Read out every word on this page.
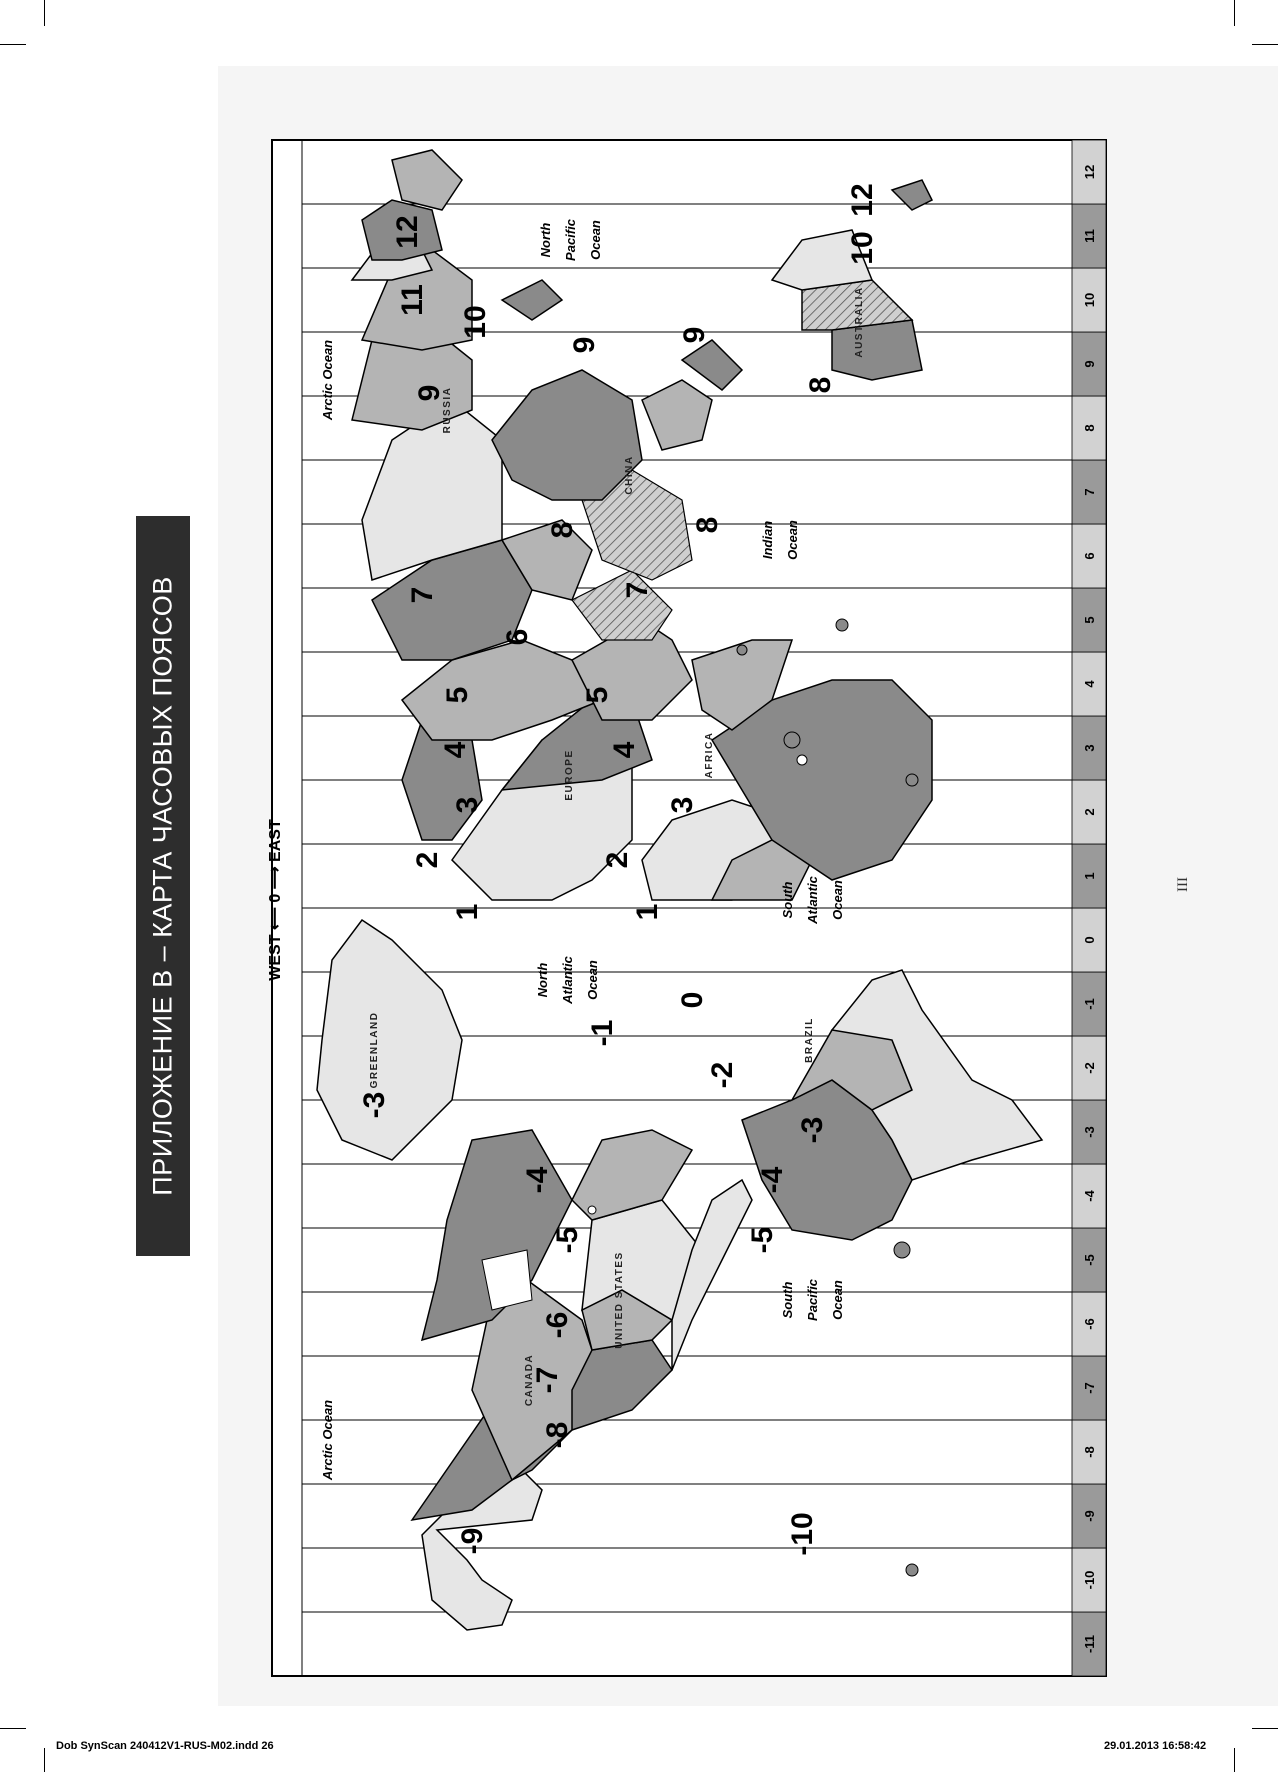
ПРИЛОЖЕНИЕ В – КАРТА ЧАСОВЫХ ПОЯСОВ	WEST ⟵ 0 ⟶ EAST
Arctic Ocean
Arctic Ocean
South Pacific Ocean
North Atlantic Ocean
South Atlantic Ocean
Indian Ocean
North Pacific Ocean
GREENLAND
CANADA
UNITED STATES
BRAZIL
EUROPE	AFRICA
RUSSIA
CHINA
AUSTRALIA
-9	-10
-8
-7
-6
-5
-4
-5
-4
-3
-3
-2
-1
0
1	1
2	2
3	3
4	4
5	5
6
7	7
8	8
8
9
9
9
10
10
11
12
12
-11
-10
-9
-8
-7
-6
-5
-4
-3
-2
-1
0
1
2
3
4
5
6
7
8
9
10
11
12
III
Dob SynScan 240412V1-RUS-M02.indd 26	29.01.2013 16:58:42
